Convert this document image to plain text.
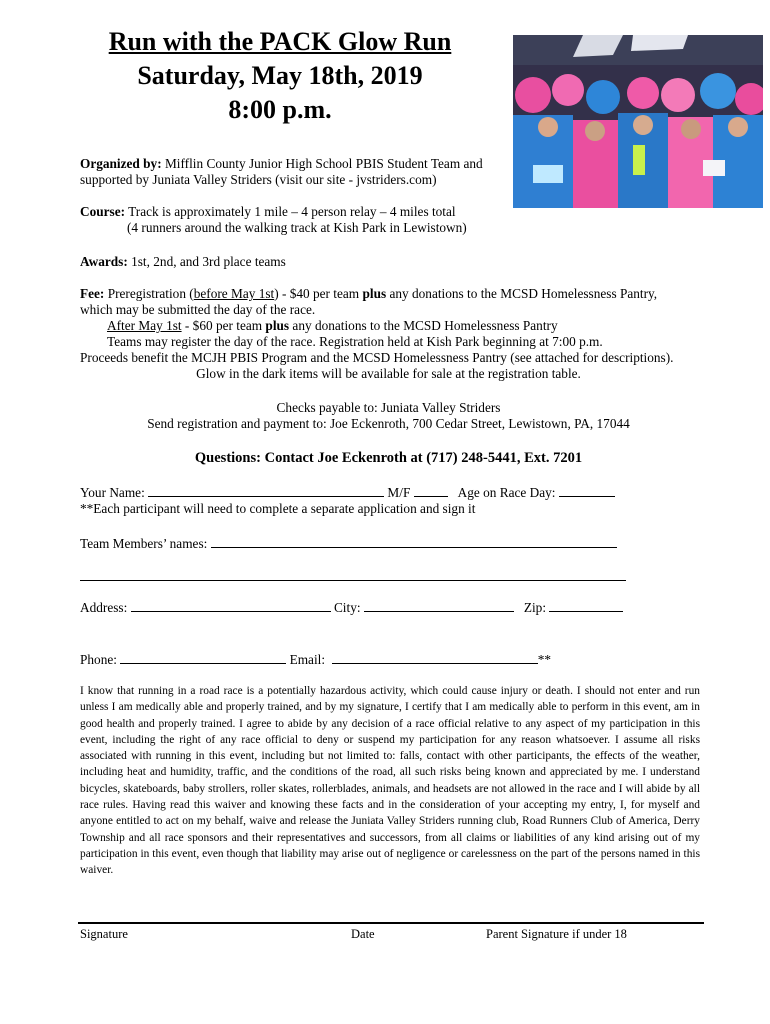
Run with the PACK Glow Run
Saturday, May 18th, 2019
8:00 p.m.
Organized by: Mifflin County Junior High School PBIS Student Team and
supported by Juniata Valley Striders (visit our site - jvstriders.com)
Course: Track is approximately 1 mile – 4 person relay – 4 miles total
(4 runners around the walking track at Kish Park in Lewistown)
Awards: 1st, 2nd, and 3rd place teams
Fee: Preregistration (before May 1st) - $40 per team plus any donations to the MCSD Homelessness Pantry,
which may be submitted the day of the race.
After May 1st - $60 per team plus any donations to the MCSD Homelessness Pantry
Teams may register the day of the race. Registration held at Kish Park beginning at 7:00 p.m.
Proceeds benefit the MCJH PBIS Program and the MCSD Homelessness Pantry (see attached for descriptions).
Glow in the dark items will be available for sale at the registration table.
Checks payable to: Juniata Valley Striders
Send registration and payment to: Joe Eckenroth, 700 Cedar Street, Lewistown, PA, 17044
Questions: Contact Joe Eckenroth at (717) 248-5441, Ext. 7201
Your Name:	M/F	Age on Race Day:
**Each participant will need to complete a separate application and sign it
Team Members’ names:
Address:	City:	Zip:
Phone:	Email:	**
I know that running in a road race is a potentially hazardous activity, which could cause injury or death. I should not enter and run unless I am medically able and properly trained, and by my signature, I certify that I am medically able to perform in this event, am in good health and properly trained. I agree to abide by any decision of a race official relative to any aspect of my participation in this event, including the right of any race official to deny or suspend my participation for any reason whatsoever. I assume all risks associated with running in this event, including but not limited to: falls, contact with other participants, the effects of the weather, including heat and humidity, traffic, and the conditions of the road, all such risks being known and appreciated by me. I understand bicycles, skateboards, baby strollers, roller skates, rollerblades, animals, and headsets are not allowed in the race and I will abide by all race rules. Having read this waiver and knowing these facts and in the consideration of your accepting my entry, I, for myself and anyone entitled to act on my behalf, waive and release the Juniata Valley Striders running club, Road Runners Club of America, Derry Township and all race sponsors and their representatives and successors, from all claims or liabilities of any kind arising out of my participation in this event, even though that liability may arise out of negligence or carelessness on the part of the persons named in this waiver.
Signature	Date	Parent Signature if under 18
